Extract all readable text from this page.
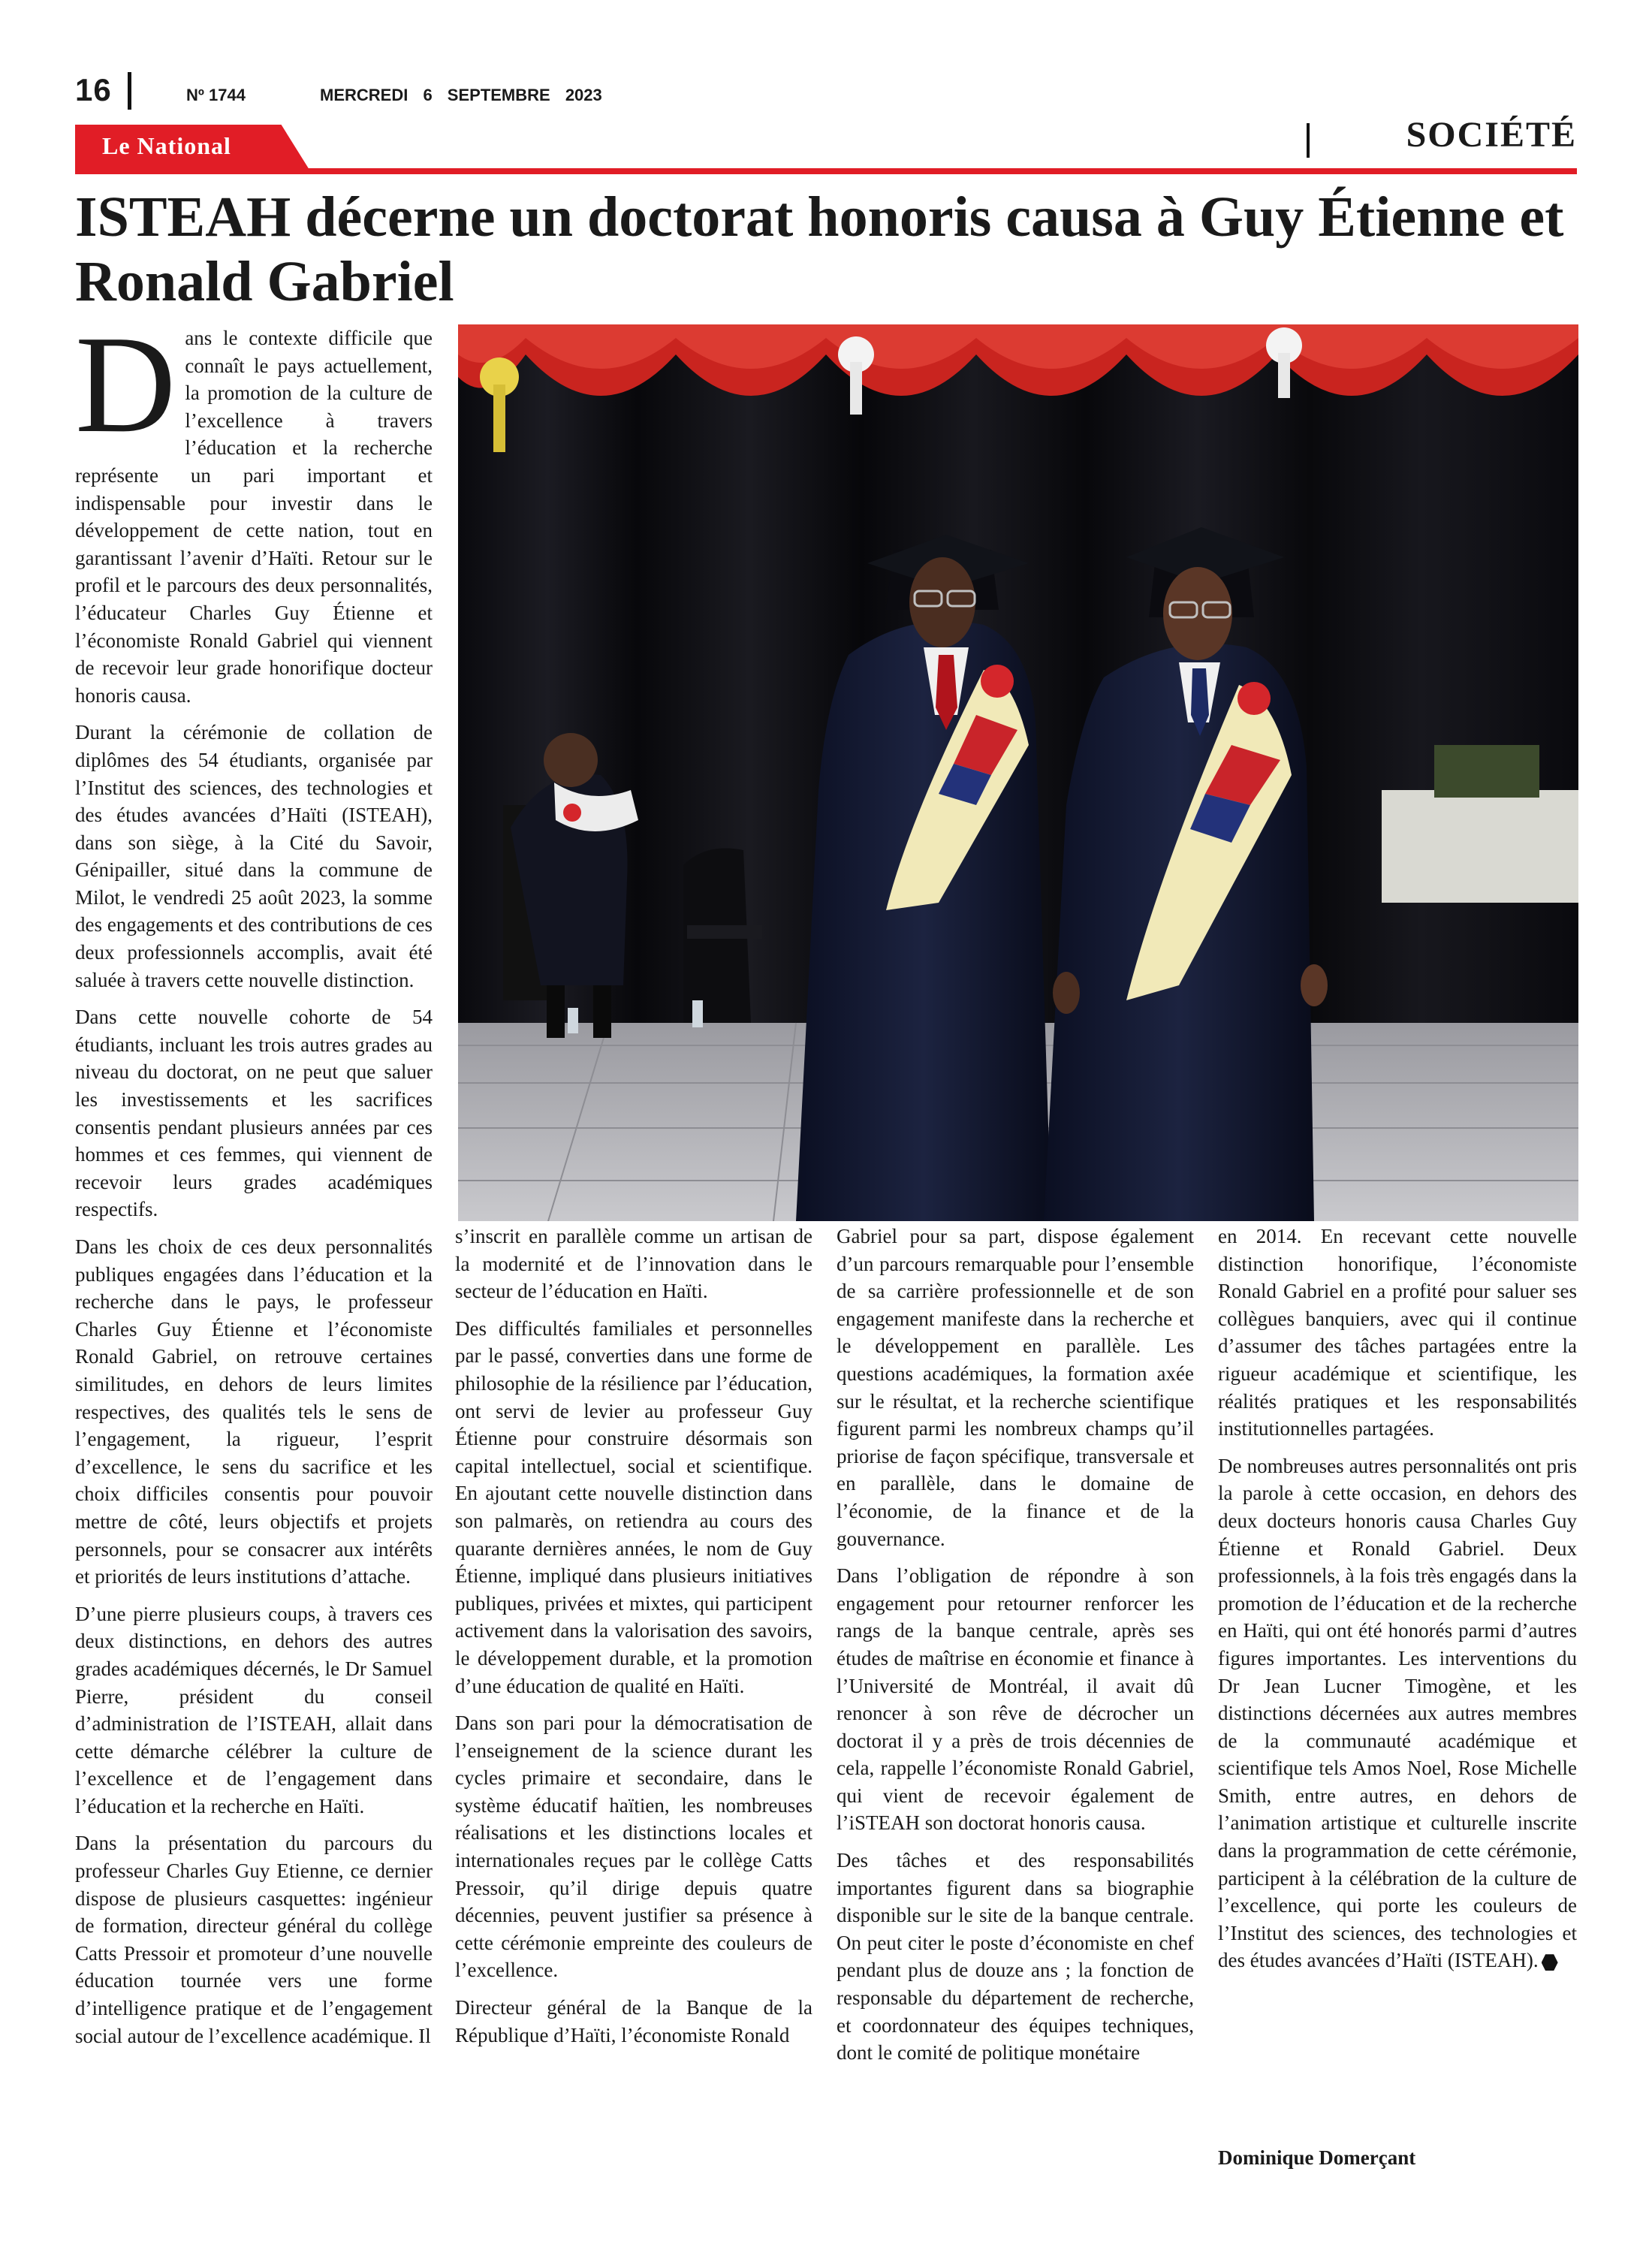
16	Nº 1744	MERCREDI 6 SEPTEMBRE 2023
Le National	SOCIÉTÉ
ISTEAH décerne un doctorat honoris causa à Guy Étienne et Ronald Gabriel

Dans le contexte difficile que connaît le pays actuellement, la promotion de la culture de l’excellence à travers l’éducation et la recherche représente un pari important et indispensable pour investir dans le développement de cette nation, tout en garantissant l’avenir d’Haïti. Retour sur le profil et le parcours des deux personnalités, l’éducateur Charles Guy Étienne et l’économiste Ronald Gabriel qui viennent de recevoir leur grade honorifique docteur honoris causa.

Durant la cérémonie de collation de diplômes des 54 étudiants, organisée par l’Institut des sciences, des technologies et des études avancées d’Haïti (ISTEAH), dans son siège, à la Cité du Savoir, Génipailler, situé dans la commune de Milot, le vendredi 25 août 2023, la somme des engagements et des contributions de ces deux professionnels accomplis, avait été saluée à travers cette nouvelle distinction.

Dans cette nouvelle cohorte de 54 étudiants, incluant les trois autres grades au niveau du doctorat, on ne peut que saluer les investissements et les sacrifices consentis pendant plusieurs années par ces hommes et ces femmes, qui viennent de recevoir leurs grades académiques respectifs.

Dans les choix de ces deux personnalités publiques engagées dans l’éducation et la recherche dans le pays, le professeur Charles Guy Étienne et l’économiste Ronald Gabriel, on retrouve certaines similitudes, en dehors de leurs limites respectives, des qualités tels le sens de l’engagement, la rigueur, l’esprit d’excellence, le sens du sacrifice et les choix difficiles consentis pour pouvoir mettre de côté, leurs objectifs et projets personnels, pour se consacrer aux intérêts et priorités de leurs institutions d’attache.

D’une pierre plusieurs coups, à travers ces deux distinctions, en dehors des autres grades académiques décernés, le Dr Samuel Pierre, président du conseil d’administration de l’ISTEAH, allait dans cette démarche célébrer la culture de l’excellence et de l’engagement dans l’éducation et la recherche en Haïti.

Dans la présentation du parcours du professeur Charles Guy Etienne, ce dernier dispose de plusieurs casquettes: ingénieur de formation, directeur général du collège Catts Pressoir et promoteur d’une nouvelle éducation tournée vers une forme d’intelligence pratique et de l’engagement social autour de l’excellence académique. Il

s’inscrit en parallèle comme un artisan de la modernité et de l’innovation dans le secteur de l’éducation en Haïti.

Des difficultés familiales et personnelles par le passé, converties dans une forme de philosophie de la résilience par l’éducation, ont servi de levier au professeur Guy Étienne pour construire désormais son capital intellectuel, social et scientifique. En ajoutant cette nouvelle distinction dans son palmarès, on retiendra au cours des quarante dernières années, le nom de Guy Étienne, impliqué dans plusieurs initiatives publiques, privées et mixtes, qui participent activement dans la valorisation des savoirs, le développement durable, et la promotion d’une éducation de qualité en Haïti.

Dans son pari pour la démocratisation de l’enseignement de la science durant les cycles primaire et secondaire, dans le système éducatif haïtien, les nombreuses réalisations et les distinctions locales et internationales reçues par le collège Catts Pressoir, qu’il dirige depuis quatre décennies, peuvent justifier sa présence à cette cérémonie empreinte des couleurs de l’excellence.

Directeur général de la Banque de la République d’Haïti, l’économiste Ronald

Gabriel pour sa part, dispose également d’un parcours remarquable pour l’ensemble de sa carrière professionnelle et de son engagement manifeste dans la recherche et le développement en parallèle. Les questions académiques, la formation axée sur le résultat, et la recherche scientifique figurent parmi les nombreux champs qu’il priorise de façon spécifique, transversale et en parallèle, dans le domaine de l’économie, de la finance et de la gouvernance.

Dans l’obligation de répondre à son engagement pour retourner renforcer les rangs de la banque centrale, après ses études de maîtrise en économie et finance à l’Université de Montréal, il avait dû renoncer à son rêve de décrocher un doctorat il y a près de trois décennies de cela, rappelle l’économiste Ronald Gabriel, qui vient de recevoir également de l’iSTEAH son doctorat honoris causa.

Des tâches et des responsabilités importantes figurent dans sa biographie disponible sur le site de la banque centrale. On peut citer le poste d’économiste en chef pendant plus de douze ans ; la fonction de responsable du département de recherche, et coordonnateur des équipes techniques, dont le comité de politique monétaire

en 2014. En recevant cette nouvelle distinction honorifique, l’économiste Ronald Gabriel en a profité pour saluer ses collègues banquiers, avec qui il continue d’assumer des tâches partagées entre la rigueur académique et scientifique, les réalités pratiques et les responsabilités institutionnelles partagées.

De nombreuses autres personnalités ont pris la parole à cette occasion, en dehors des deux docteurs honoris causa Charles Guy Étienne et Ronald Gabriel. Deux professionnels, à la fois très engagés dans la promotion de l’éducation et de la recherche en Haïti, qui ont été honorés parmi d’autres figures importantes. Les interventions du Dr Jean Lucner Timogène, et les distinctions décernées aux autres membres de la communauté académique et scientifique tels Amos Noel, Rose Michelle Smith, entre autres, en dehors de l’animation artistique et culturelle inscrite dans la programmation de cette cérémonie, participent à la célébration de la culture de l’excellence, qui porte les couleurs de l’Institut des sciences, des technologies et des études avancées d’Haïti (ISTEAH).

Dominique Domerçant
